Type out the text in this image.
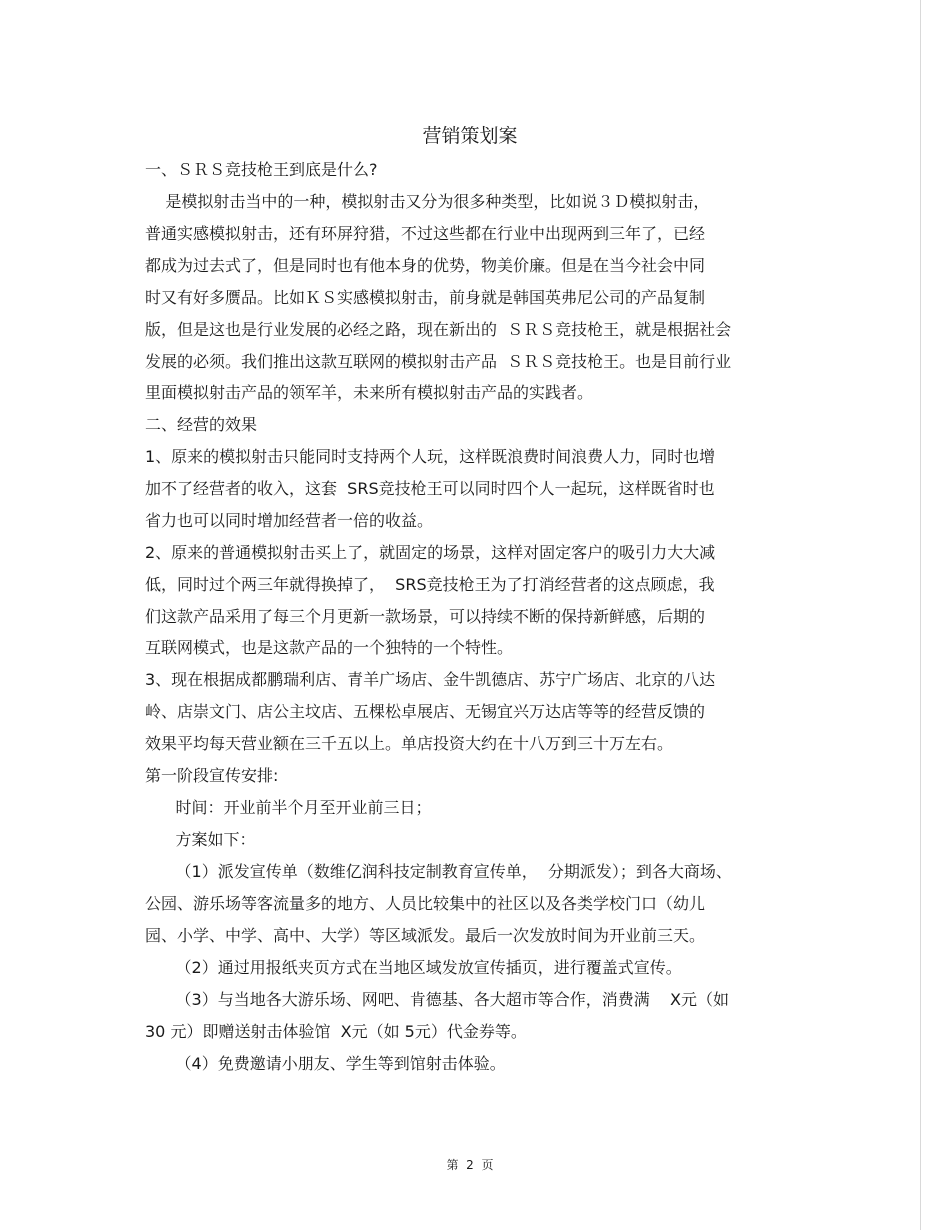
营销策划案
一、ＳＲＳ竞技枪王到底是什么?
是模拟射击当中的一种，模拟射击又分为很多种类型，比如说３Ｄ模拟射击，
普通实感模拟射击，还有环屏狩猎，不过这些都在行业中出现两到三年了，已经
都成为过去式了，但是同时也有他本身的优势，物美价廉。但是在当今社会中同
时又有好多赝品。比如ＫＳ实感模拟射击，前身就是韩国英弗尼公司的产品复制
版，但是这也是行业发展的必经之路，现在新出的  ＳＲＳ竞技枪王，就是根据社会
发展的必须。我们推出这款互联网的模拟射击产品  ＳＲＳ竞技枪王。也是目前行业
里面模拟射击产品的领军羊，未来所有模拟射击产品的实践者。
二、经营的效果
1、原来的模拟射击只能同时支持两个人玩，这样既浪费时间浪费人力，同时也增
加不了经营者的收入，这套  SRS竞技枪王可以同时四个人一起玩，这样既省时也
省力也可以同时增加经营者一倍的收益。
2、原来的普通模拟射击买上了，就固定的场景，这样对固定客户的吸引力大大减
低，同时过个两三年就得换掉了，  SRS竞技枪王为了打消经营者的这点顾虑，我
们这款产品采用了每三个月更新一款场景，可以持续不断的保持新鲜感，后期的
互联网模式，也是这款产品的一个独特的一个特性。
3、现在根据成都鹏瑞利店、青羊广场店、金牛凯德店、苏宁广场店、北京的八达
岭、店崇文门、店公主坟店、五棵松卓展店、无锡宜兴万达店等等的经营反馈的
效果平均每天营业额在三千五以上。单店投资大约在十八万到三十万左右。
第一阶段宣传安排:
时间：开业前半个月至开业前三日；
方案如下：
（1）派发宣传单（数维亿润科技定制教育宣传单，  分期派发）；到各大商场、
公园、游乐场等客流量多的地方、人员比较集中的社区以及各类学校门口（幼儿
园、小学、中学、高中、大学）等区域派发。最后一次发放时间为开业前三天。
（2）通过用报纸夹页方式在当地区域发放宣传插页，进行覆盖式宣传。
（3）与当地各大游乐场、网吧、肯德基、各大超市等合作，消费满    X元（如
30 元）即赠送射击体验馆  X元（如 5元）代金券等。
（4）免费邀请小朋友、学生等到馆射击体验。
第  2  页
